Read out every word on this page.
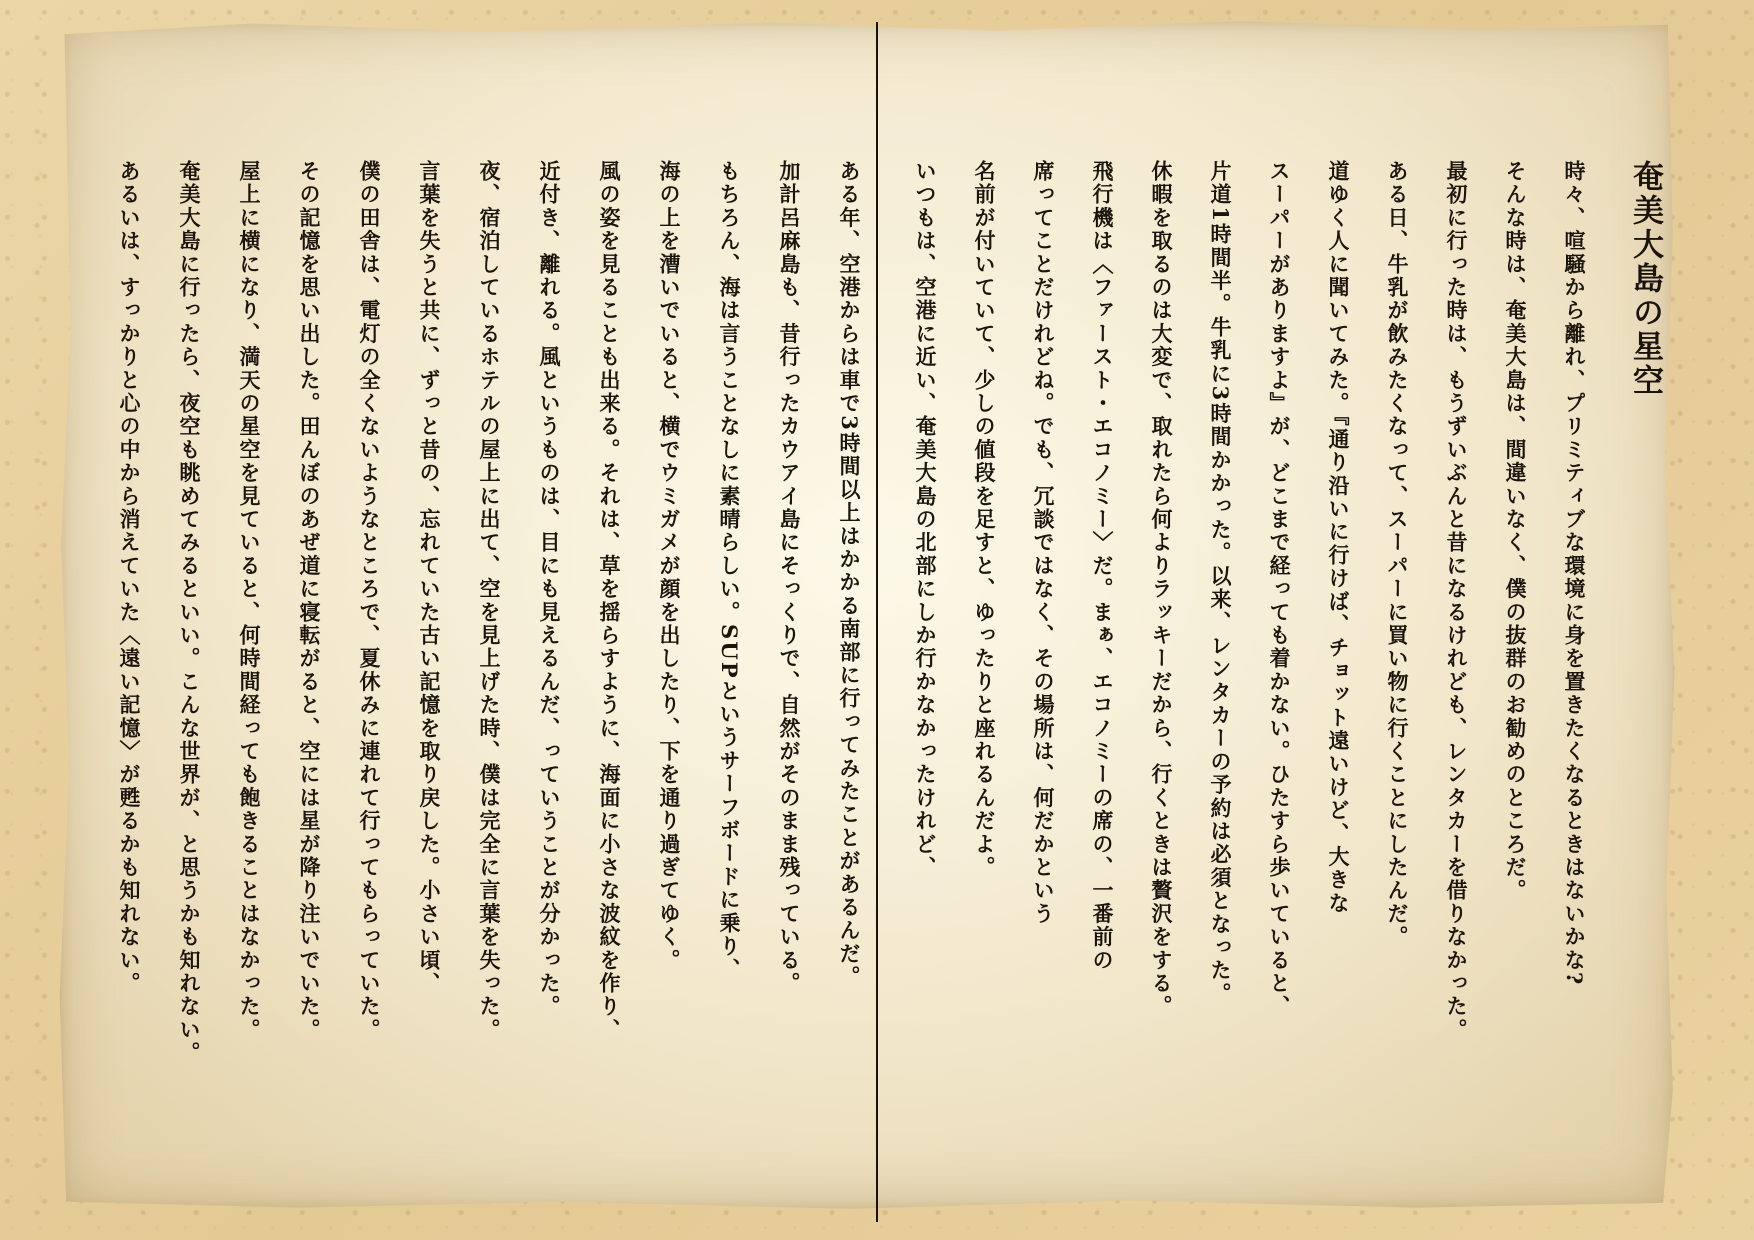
奄美大島の星空

時々、喧騒から離れ、プリミティブな環境に身を置きたくなるときはないかな?

そんな時は、奄美大島は、間違いなく、僕の抜群のお勧めのところだ。

最初に行った時は、もうずいぶんと昔になるけれども、レンタカーを借りなかった。

ある日、牛乳が飲みたくなって、スーパーに買い物に行くことにしたんだ。

道ゆく人に聞いてみた。『通り沿いに行けば、チョット遠いけど、大きな

スーパーがありますよ』が、どこまで経っても着かない。ひたすら歩いていると、

片道1時間半。牛乳に3時間かかった。以来、レンタカーの予約は必須となった。

休暇を取るのは大変で、取れたら何よりラッキーだから、行くときは贅沢をする。

飛行機は〈ファースト・エコノミー〉だ。まぁ、エコノミーの席の、一番前の

席ってことだけれどね。でも、冗談ではなく、その場所は、何だかという

名前が付いていて、少しの値段を足すと、ゆったりと座れるんだよ。

いつもは、空港に近い、奄美大島の北部にしか行かなかったけれど、

ある年、空港からは車で3時間以上はかかる南部に行ってみたことがあるんだ。

加計呂麻島も、昔行ったカウアイ島にそっくりで、自然がそのまま残っている。

もちろん、海は言うことなしに素晴らしい。SUPというサーフボードに乗り、

海の上を漕いでいると、横でウミガメが顔を出したり、下を通り過ぎてゆく。

風の姿を見ることも出来る。それは、草を揺らすように、海面に小さな波紋を作り、

近付き、離れる。風というものは、目にも見えるんだ、っていうことが分かった。

夜、宿泊しているホテルの屋上に出て、空を見上げた時、僕は完全に言葉を失った。

言葉を失うと共に、ずっと昔の、忘れていた古い記憶を取り戻した。小さい頃、

僕の田舎は、電灯の全くないようなところで、夏休みに連れて行ってもらっていた。

その記憶を思い出した。田んぼのあぜ道に寝転がると、空には星が降り注いでいた。

屋上に横になり、満天の星空を見ていると、何時間経っても飽きることはなかった。

奄美大島に行ったら、夜空も眺めてみるといい。こんな世界が、と思うかも知れない。

あるいは、すっかりと心の中から消えていた〈遠い記憶〉が甦るかも知れない。
